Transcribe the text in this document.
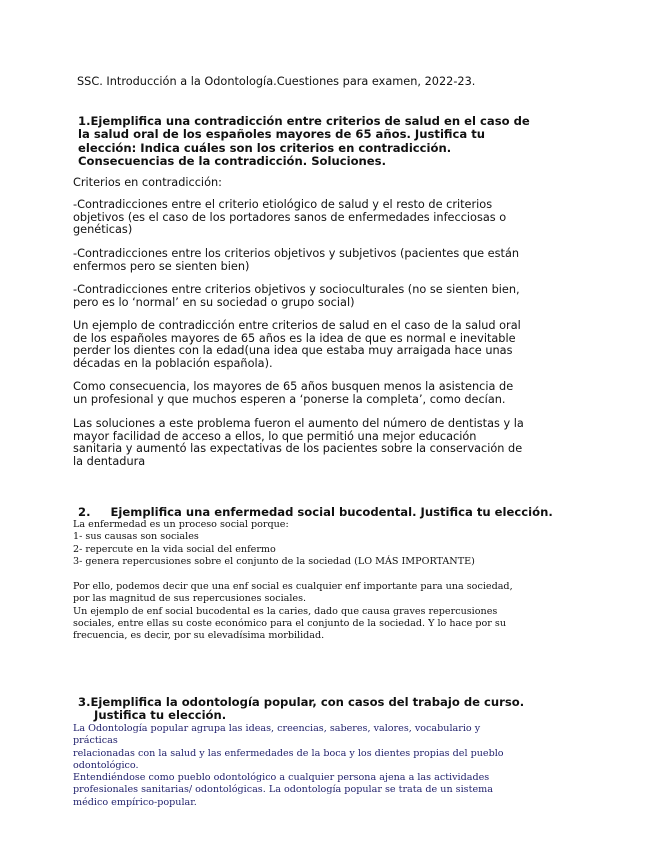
SSC. Introducción a la Odontología.Cuestiones para examen, 2022-23.

1.Ejemplifica una contradicción entre criterios de salud en el caso de
la salud oral de los españoles mayores de 65 años. Justifica tu
elección: Indica cuáles son los criterios en contradicción.
Consecuencias de la contradicción. Soluciones.

Criterios en contradicción:

-Contradicciones entre el criterio etiológico de salud y el resto de criterios
objetivos (es el caso de los portadores sanos de enfermedades infecciosas o
genéticas)
-Contradicciones entre los criterios objetivos y subjetivos (pacientes que están
enfermos pero se sienten bien)
-Contradicciones entre criterios objetivos y socioculturales (no se sienten bien,
pero es lo ‘normal’ en su sociedad o grupo social)
Un ejemplo de contradicción entre criterios de salud en el caso de la salud oral
de los españoles mayores de 65 años es la idea de que es normal e inevitable
perder los dientes con la edad(una idea que estaba muy arraigada hace unas
décadas en la población española).
Como consecuencia, los mayores de 65 años busquen menos la asistencia de
un profesional y que muchos esperen a ‘ponerse la completa’, como decían.
Las soluciones a este problema fueron el aumento del número de dentistas y la
mayor facilidad de acceso a ellos, lo que permitió una mejor educación
sanitaria y aumentó las expectativas de los pacientes sobre la conservación de
la dentadura
2. Ejemplifica una enfermedad social bucodental. Justifica tu elección.
La enfermedad es un proceso social porque:
1- sus causas son sociales
2- repercute en la vida social del enfermo
3- genera repercusiones sobre el conjunto de la sociedad (LO MÁS IMPORTANTE)
Por ello, podemos decir que una enf social es cualquier enf importante para una sociedad,
por las magnitud de sus repercusiones sociales.
Un ejemplo de enf social bucodental es la caries, dado que causa graves repercusiones
sociales, entre ellas su coste económico para el conjunto de la sociedad. Y lo hace por su
frecuencia, es decir, por su elevadísima morbilidad.
3.Ejemplifica la odontología popular, con casos del trabajo de curso.
Justifica tu elección.
La Odontología popular agrupa las ideas, creencias, saberes, valores, vocabulario y
prácticas
relacionadas con la salud y las enfermedades de la boca y los dientes propias del pueblo
odontológico.
Entendiéndose como pueblo odontológico a cualquier persona ajena a las actividades
profesionales sanitarias/ odontológicas. La odontología popular se trata de un sistema
médico empírico-popular.
